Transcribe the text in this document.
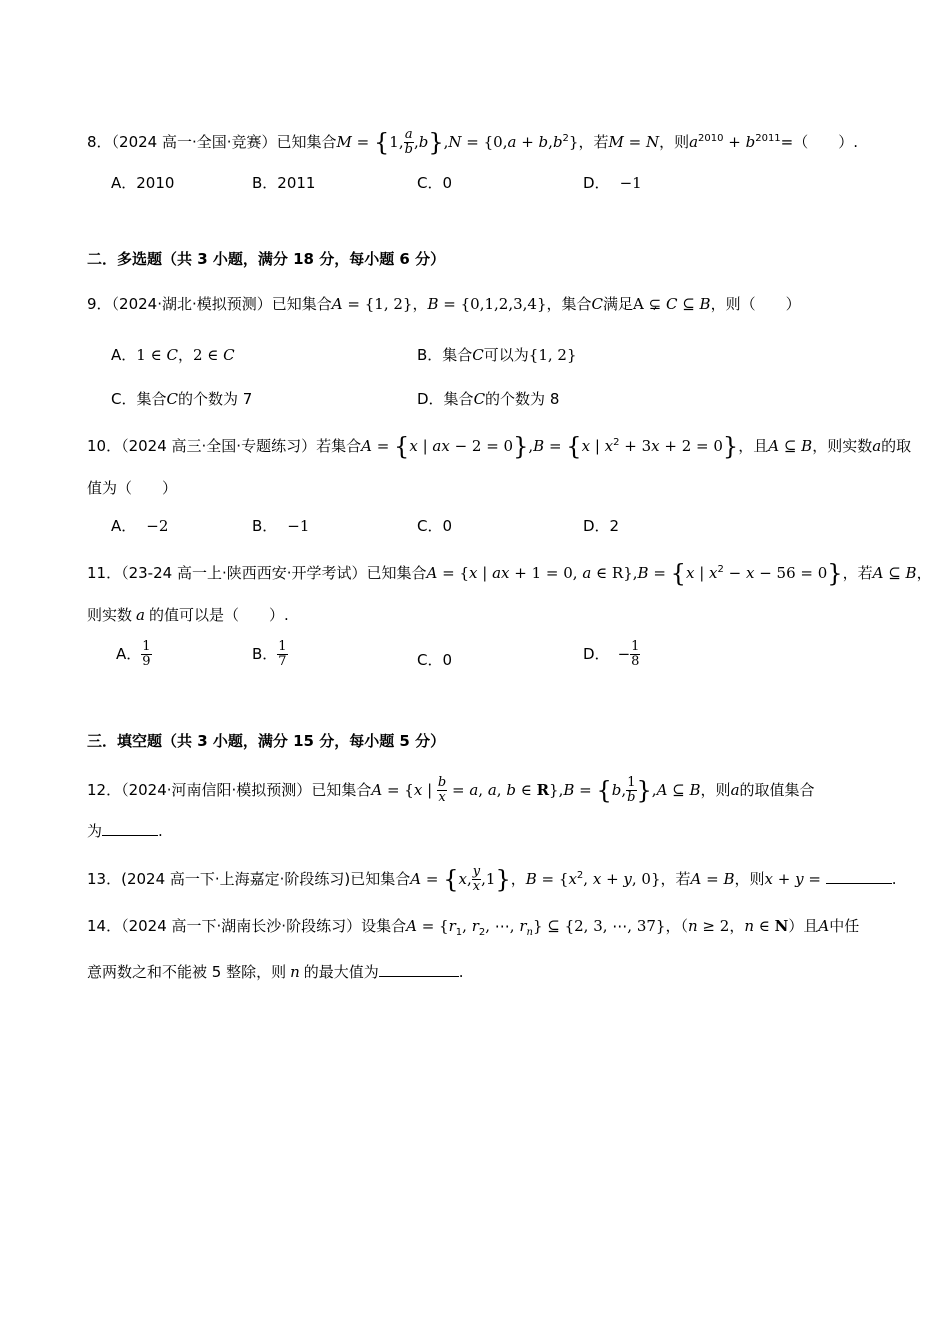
8．（2024 高一·全国·竞赛）已知集合M = {1, $\frac{a}{b} ,b\},N = \{0,a + b,b^2\}$，若M = N，则$a^{2010} + b^{2011}=$（　　）.
A．2010	B．2011	C．0	D． −1
二．多选题（共 3 小题，满分 18 分，每小题 6 分）
9．（2024·湖北·模拟预测）已知集合A = {1, 2}，B = {0,1,2,3,4}，集合C满足A ⊊ C ⊆ B，则（　　）
A．1 ∈ C，2 ∈ C	B．集合C可以为{1, 2}
C．集合C的个数为 7	D．集合C的个数为 8
10．（2024 高三·全国·专题练习）若集合A = {x | ax − 2 = 0},B = {x | $x^2 + 3x + 2 = 0$}，且A ⊆ B，则实数a的取
值为（　　）
A． −2	B． −1	C．0	D．2
11．（23-24 高一上·陕西西安·开学考试）已知集合A = {x | ax + 1 = 0, a ∈ R},B = {x | $x^2 - x - 56 = 0$}，若A ⊆ B，
则实数 a 的值可以是（　　）.
A． $\frac{1}{9}$	B． $\frac{1}{7}$	C．0	D． − $\frac{1}{8}$
三．填空题（共 3 小题，满分 15 分，每小题 5 分）
12．（2024·河南信阳·模拟预测）已知集合A = {x | $\frac{b}{x} = a$, a, b ∈ R},B = {b, $\frac{1}{b} \},A$ ⊆ B，则a的取值集合
为	.
13．(2024 高一下·上海嘉定·阶段练习)已知集合A = {x, $\frac{y}{x} ,1$}，$B = \{x^2$, x + y, 0}，若A = B，则x + y =	.
14．（2024 高一下·湖南长沙·阶段练习）设集合$A = \{r_1$, $r_2$, ⋯, $r_n$} ⊆ {2, 3, ⋯, 37}，（n ≥ 2，n ∈ N）且A中任
意两数之和不能被 5 整除，则 n 的最大值为	.
